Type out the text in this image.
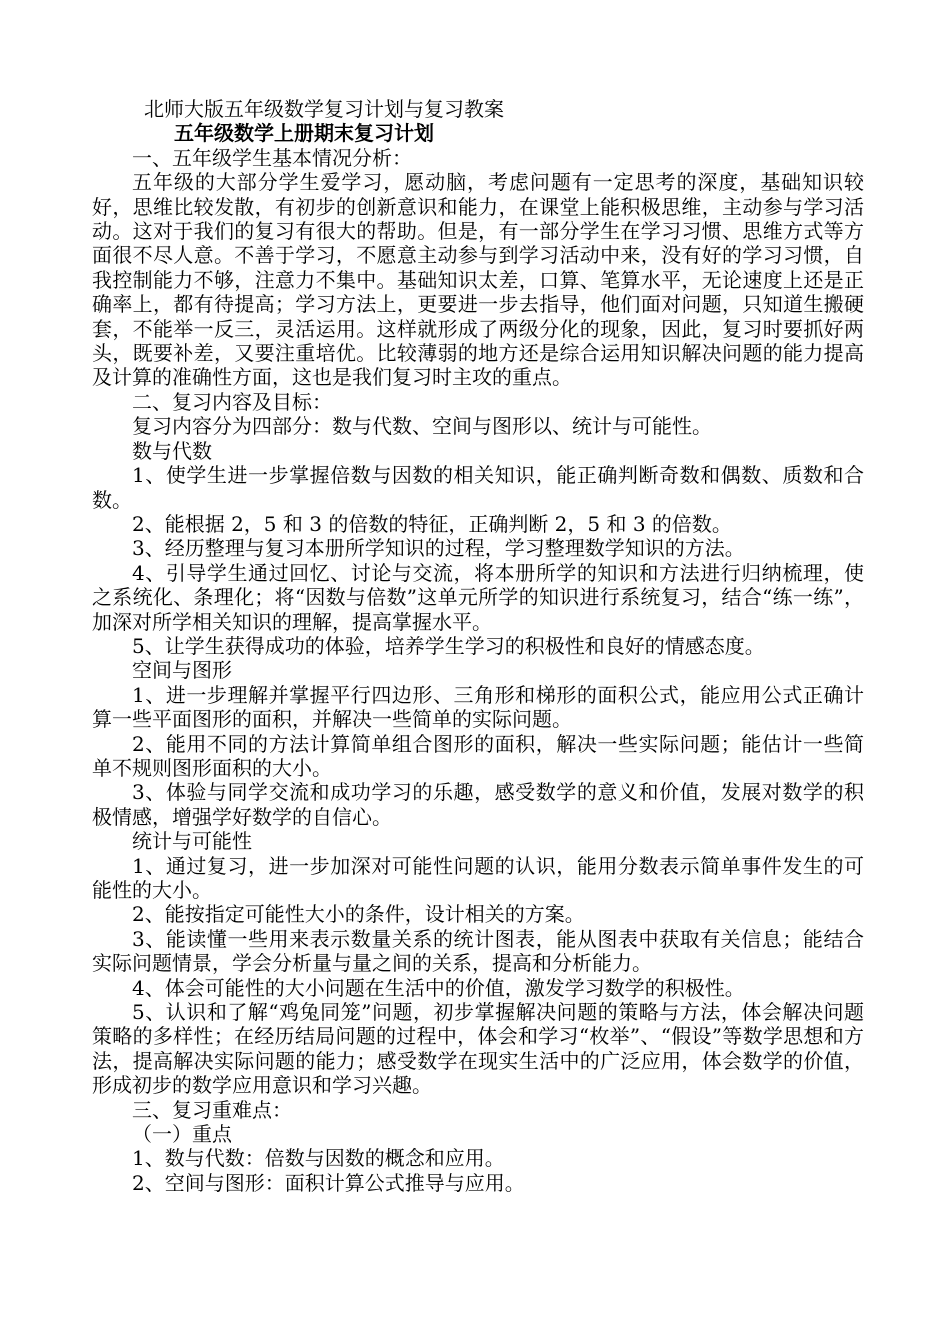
北师大版五年级数学复习计划与复习教案

五年级数学上册期末复习计划

一、五年级学生基本情况分析：

五年级的大部分学生爱学习，愿动脑，考虑问题有一定思考的深度，基础知识较好，思维比较发散，有初步的创新意识和能力，在课堂上能积极思维，主动参与学习活动。这对于我们的复习有很大的帮助。但是，有一部分学生在学习习惯、思维方式等方面很不尽人意。不善于学习，不愿意主动参与到学习活动中来，没有好的学习习惯，自我控制能力不够，注意力不集中。基础知识太差，口算、笔算水平，无论速度上还是正确率上，都有待提高；学习方法上，更要进一步去指导，他们面对问题，只知道生搬硬套，不能举一反三，灵活运用。这样就形成了两级分化的现象，因此，复习时要抓好两头，既要补差，又要注重培优。比较薄弱的地方还是综合运用知识解决问题的能力提高及计算的准确性方面，这也是我们复习时主攻的重点。

二、复习内容及目标：

复习内容分为四部分：数与代数、空间与图形以、统计与可能性。

数与代数

1、使学生进一步掌握倍数与因数的相关知识，能正确判断奇数和偶数、质数和合数。

2、能根据 2，5 和 3 的倍数的特征，正确判断 2，5 和 3 的倍数。

3、经历整理与复习本册所学知识的过程，学习整理数学知识的方法。

4、引导学生通过回忆、讨论与交流，将本册所学的知识和方法进行归纳梳理，使之系统化、条理化；将“因数与倍数”这单元所学的知识进行系统复习，结合“练一练”，加深对所学相关知识的理解，提高掌握水平。

5、让学生获得成功的体验，培养学生学习的积极性和良好的情感态度。

空间与图形

1、进一步理解并掌握平行四边形、三角形和梯形的面积公式，能应用公式正确计算一些平面图形的面积，并解决一些简单的实际问题。

2、能用不同的方法计算简单组合图形的面积，解决一些实际问题；能估计一些简单不规则图形面积的大小。

3、体验与同学交流和成功学习的乐趣，感受数学的意义和价值，发展对数学的积极情感，增强学好数学的自信心。

统计与可能性

1、通过复习，进一步加深对可能性问题的认识，能用分数表示简单事件发生的可能性的大小。

2、能按指定可能性大小的条件，设计相关的方案。

3、能读懂一些用来表示数量关系的统计图表，能从图表中获取有关信息；能结合实际问题情景，学会分析量与量之间的关系，提高和分析能力。

4、体会可能性的大小问题在生活中的价值，激发学习数学的积极性。

5、认识和了解“鸡兔同笼”问题，初步掌握解决问题的策略与方法，体会解决问题策略的多样性；在经历结局问题的过程中，体会和学习“枚举”、“假设”等数学思想和方法，提高解决实际问题的能力；感受数学在现实生活中的广泛应用，体会数学的价值，形成初步的数学应用意识和学习兴趣。

三、复习重难点：

（一）重点

1、数与代数：倍数与因数的概念和应用。

2、空间与图形：面积计算公式推导与应用。
